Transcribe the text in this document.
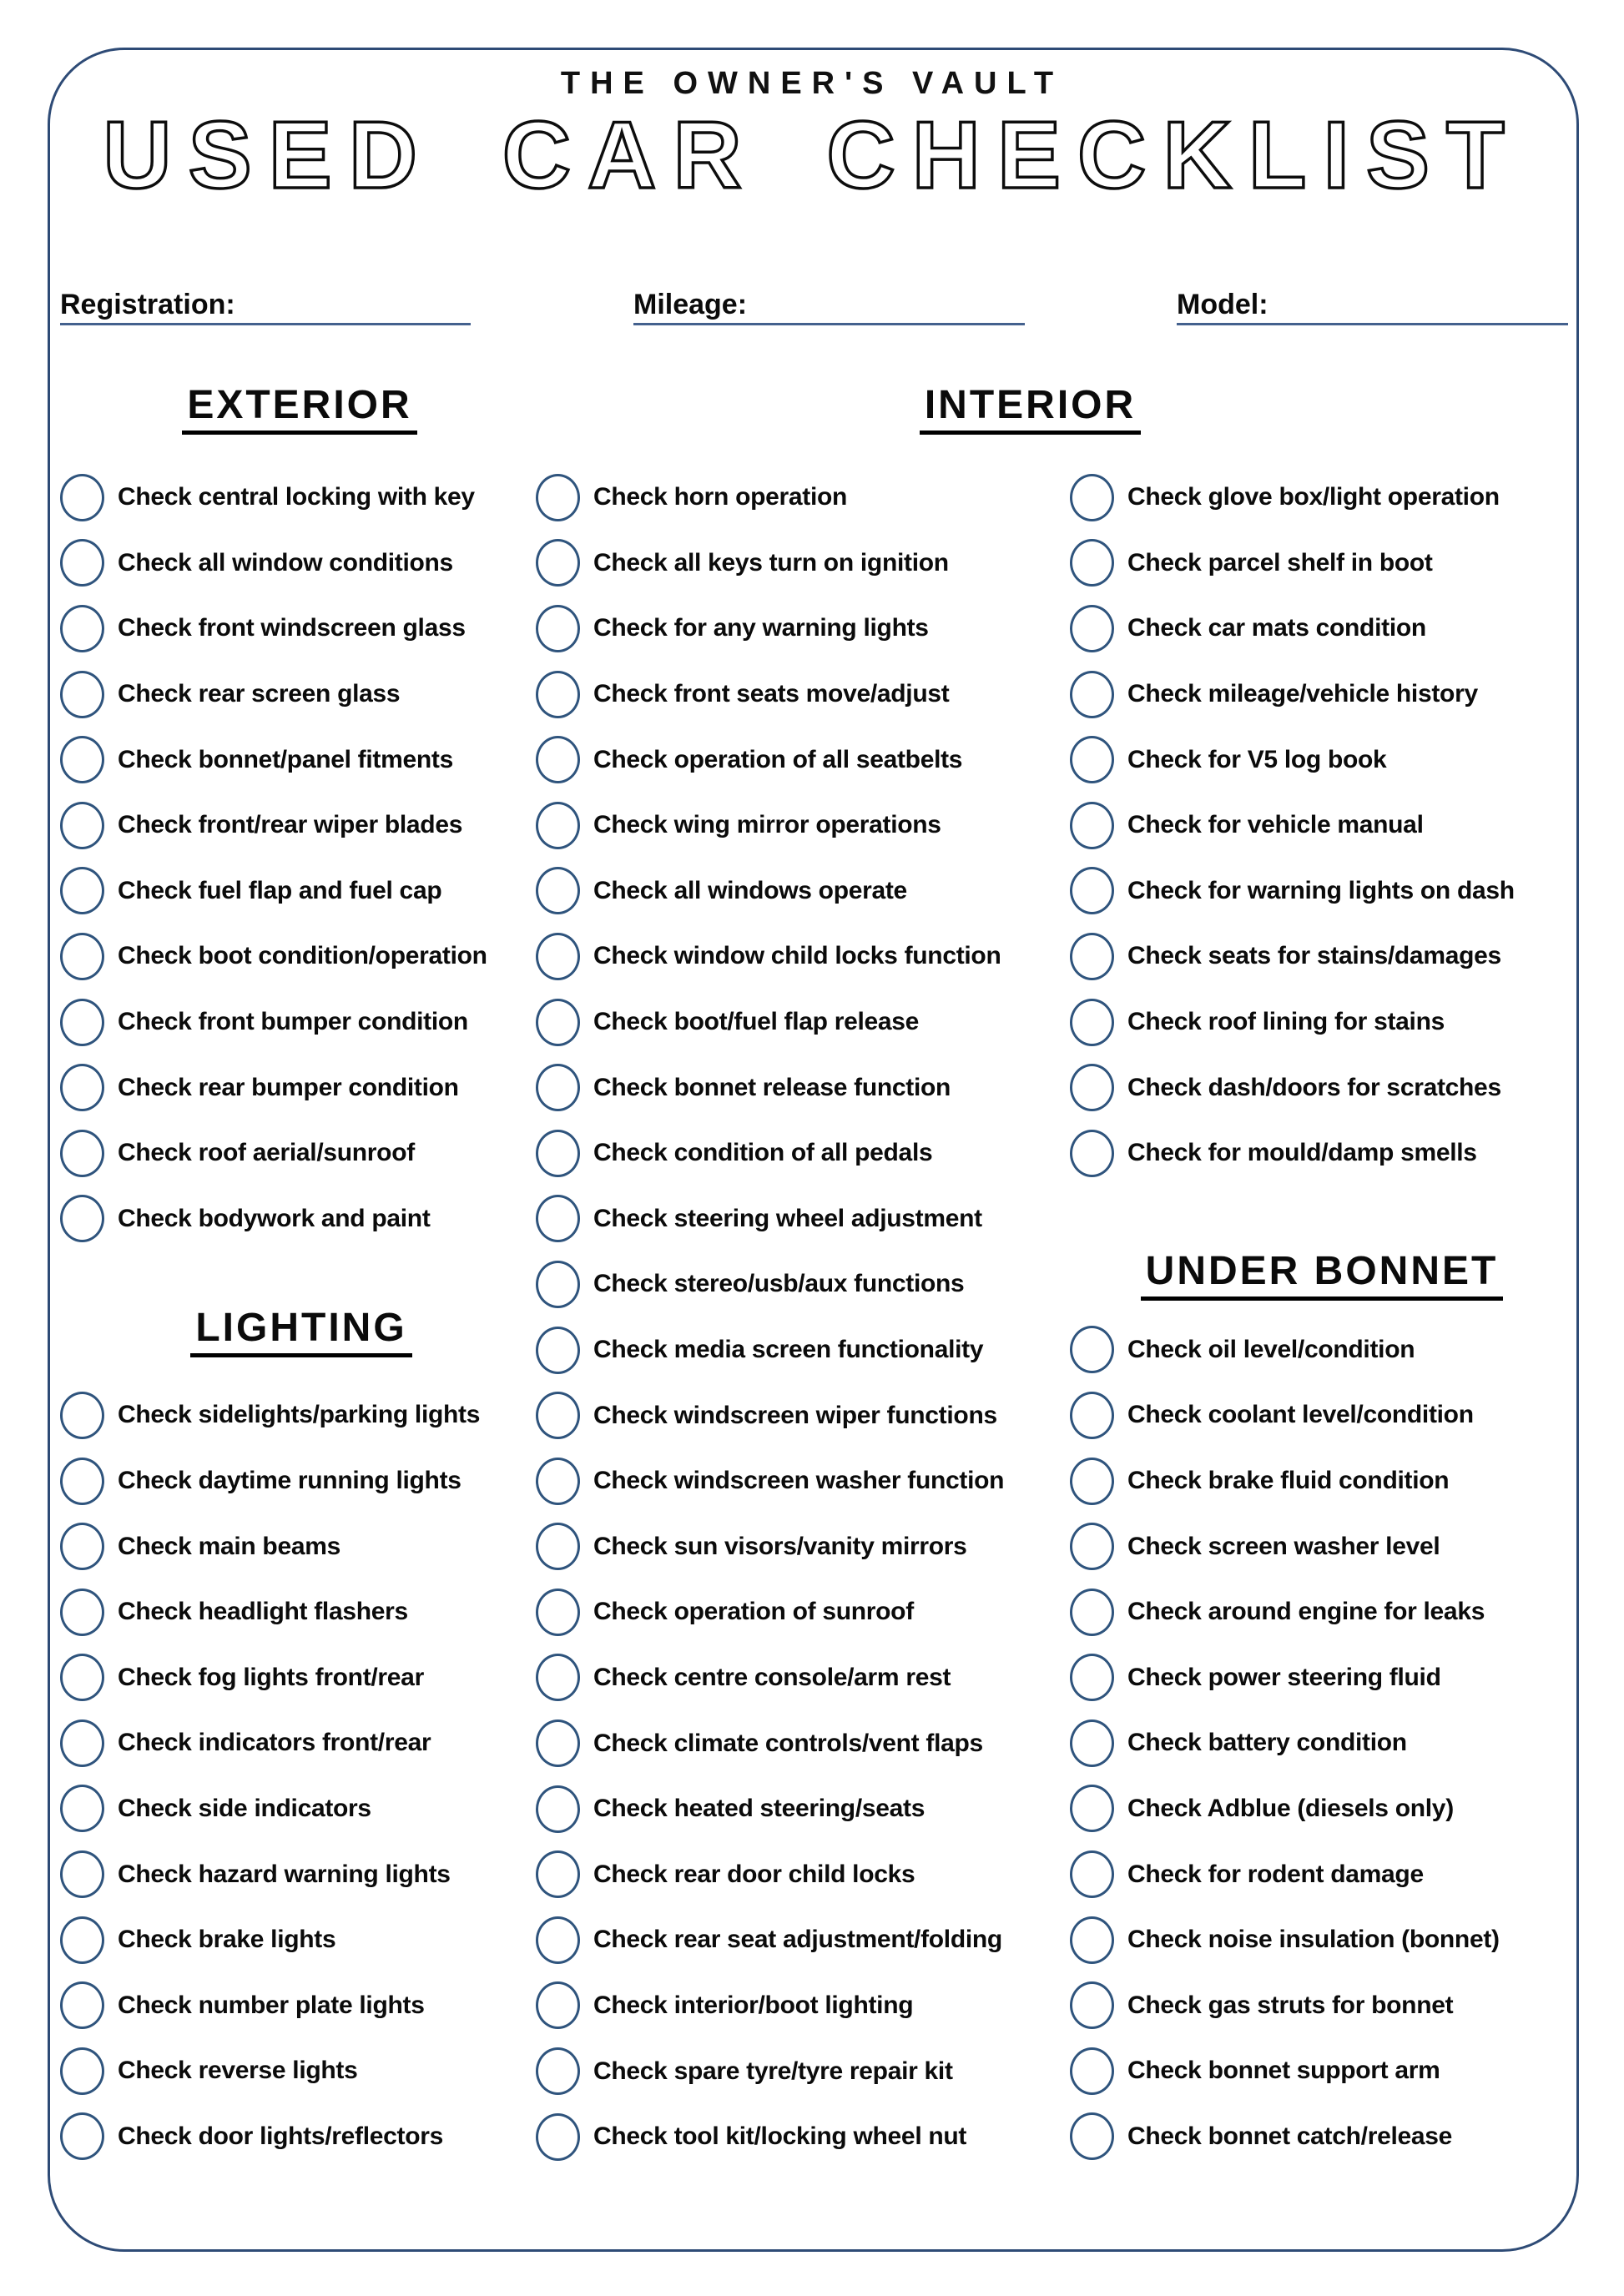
THE OWNER'S VAULT
USED CAR CHECKLIST
Registration:	Mileage:	Model:
EXTERIOR	INTERIOR
Check central locking with key
Check all window conditions
Check front windscreen glass
Check rear screen glass
Check bonnet/panel fitments
Check front/rear wiper blades
Check fuel flap and fuel cap
Check boot condition/operation
Check front bumper condition
Check rear bumper condition
Check roof aerial/sunroof
Check bodywork and paint
LIGHTING
Check sidelights/parking lights
Check daytime running lights
Check main beams
Check headlight flashers
Check fog lights front/rear
Check indicators front/rear
Check side indicators
Check hazard warning lights
Check brake lights
Check number plate lights
Check reverse lights
Check door lights/reflectors
Check horn operation
Check all keys turn on ignition
Check for any warning lights
Check front seats move/adjust
Check operation of all seatbelts
Check wing mirror operations
Check all windows operate
Check window child locks function
Check boot/fuel flap release
Check bonnet release function
Check condition of all pedals
Check steering wheel adjustment
Check stereo/usb/aux functions
Check media screen functionality
Check windscreen wiper functions
Check windscreen washer function
Check sun visors/vanity mirrors
Check operation of sunroof
Check centre console/arm rest
Check climate controls/vent flaps
Check heated steering/seats
Check rear door child locks
Check rear seat adjustment/folding
Check interior/boot lighting
Check spare tyre/tyre repair kit
Check tool kit/locking wheel nut
Check glove box/light operation
Check parcel shelf in boot
Check car mats condition
Check mileage/vehicle history
Check for V5 log book
Check for vehicle manual
Check for warning lights on dash
Check seats for stains/damages
Check roof lining for stains
Check dash/doors for scratches
Check for mould/damp smells
UNDER BONNET
Check oil level/condition
Check coolant level/condition
Check brake fluid condition
Check screen washer level
Check around engine for leaks
Check power steering fluid
Check battery condition
Check Adblue (diesels only)
Check for rodent damage
Check noise insulation (bonnet)
Check gas struts for bonnet
Check bonnet support arm
Check bonnet catch/release
